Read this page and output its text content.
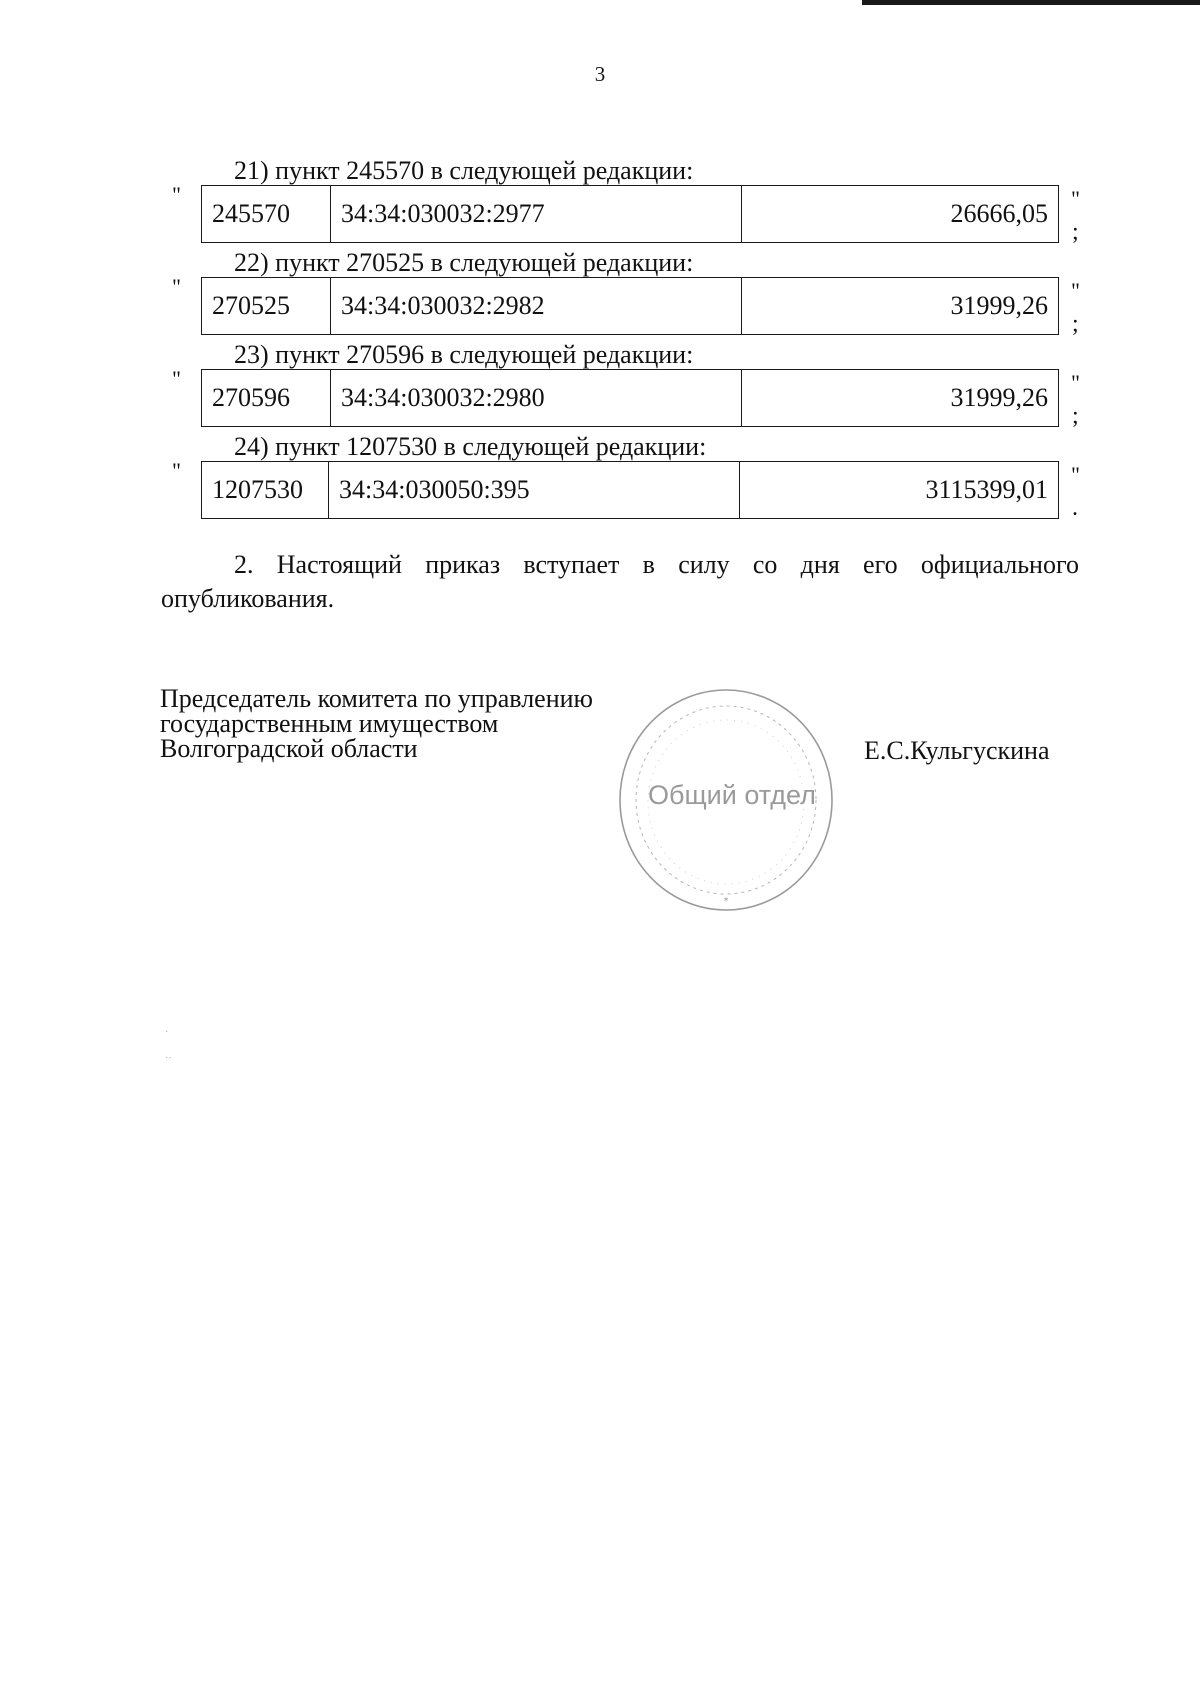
3
21) пункт 245570 в следующей редакции:
"
245570	34:34:030032:2977	26666,05
"
;
22) пункт 270525 в следующей редакции:
"
270525	34:34:030032:2982	31999,26
"
;
23) пункт 270596 в следующей редакции:
"
270596	34:34:030032:2980	31999,26
"
;
24) пункт 1207530 в следующей редакции:
"
1207530	34:34:030050:395	3115399,01
"
.
2. Настоящий приказ вступает в силу со дня его официального опубликования.
Председатель комитета по управлению
государственным имуществом
Волгоградской области	Е.С.Кульгускина
*
Общий отдел
⋅
⋅⋅
